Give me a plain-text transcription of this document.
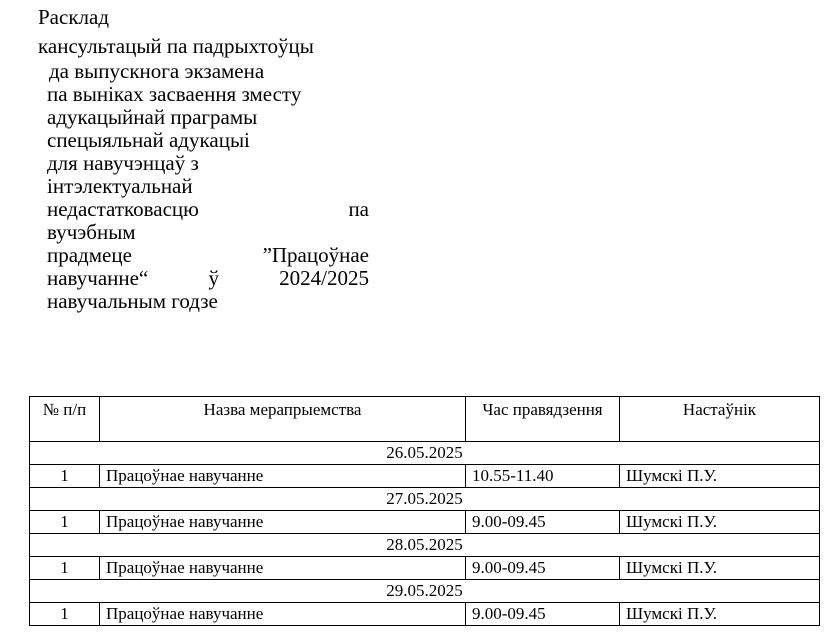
Расклад
кансультацый па падрыхтоўцы
да выпускнога экзамена
па выніках засваення зместу
адукацыйнай праграмы
спецыяльнай адукацыі
для навучэнцаў з
інтэлектуальнай
недастатковасцю	па
вучэбным
прадмеце	”Працоўнае
навучанне“	ў	2024/2025
навучальным годзе
№ п/п	Назва мерапрыемства	Час правядзення	Настаўнік
26.05.2025			
1	Працоўнае навучанне	10.55-11.40	Шумскі П.У.
27.05.2025			
1	Працоўнае навучанне	9.00-09.45	Шумскі П.У.
28.05.2025			
1	Працоўнае навучанне	9.00-09.45	Шумскі П.У.
29.05.2025			
1	Працоўнае навучанне	9.00-09.45	Шумскі П.У.
